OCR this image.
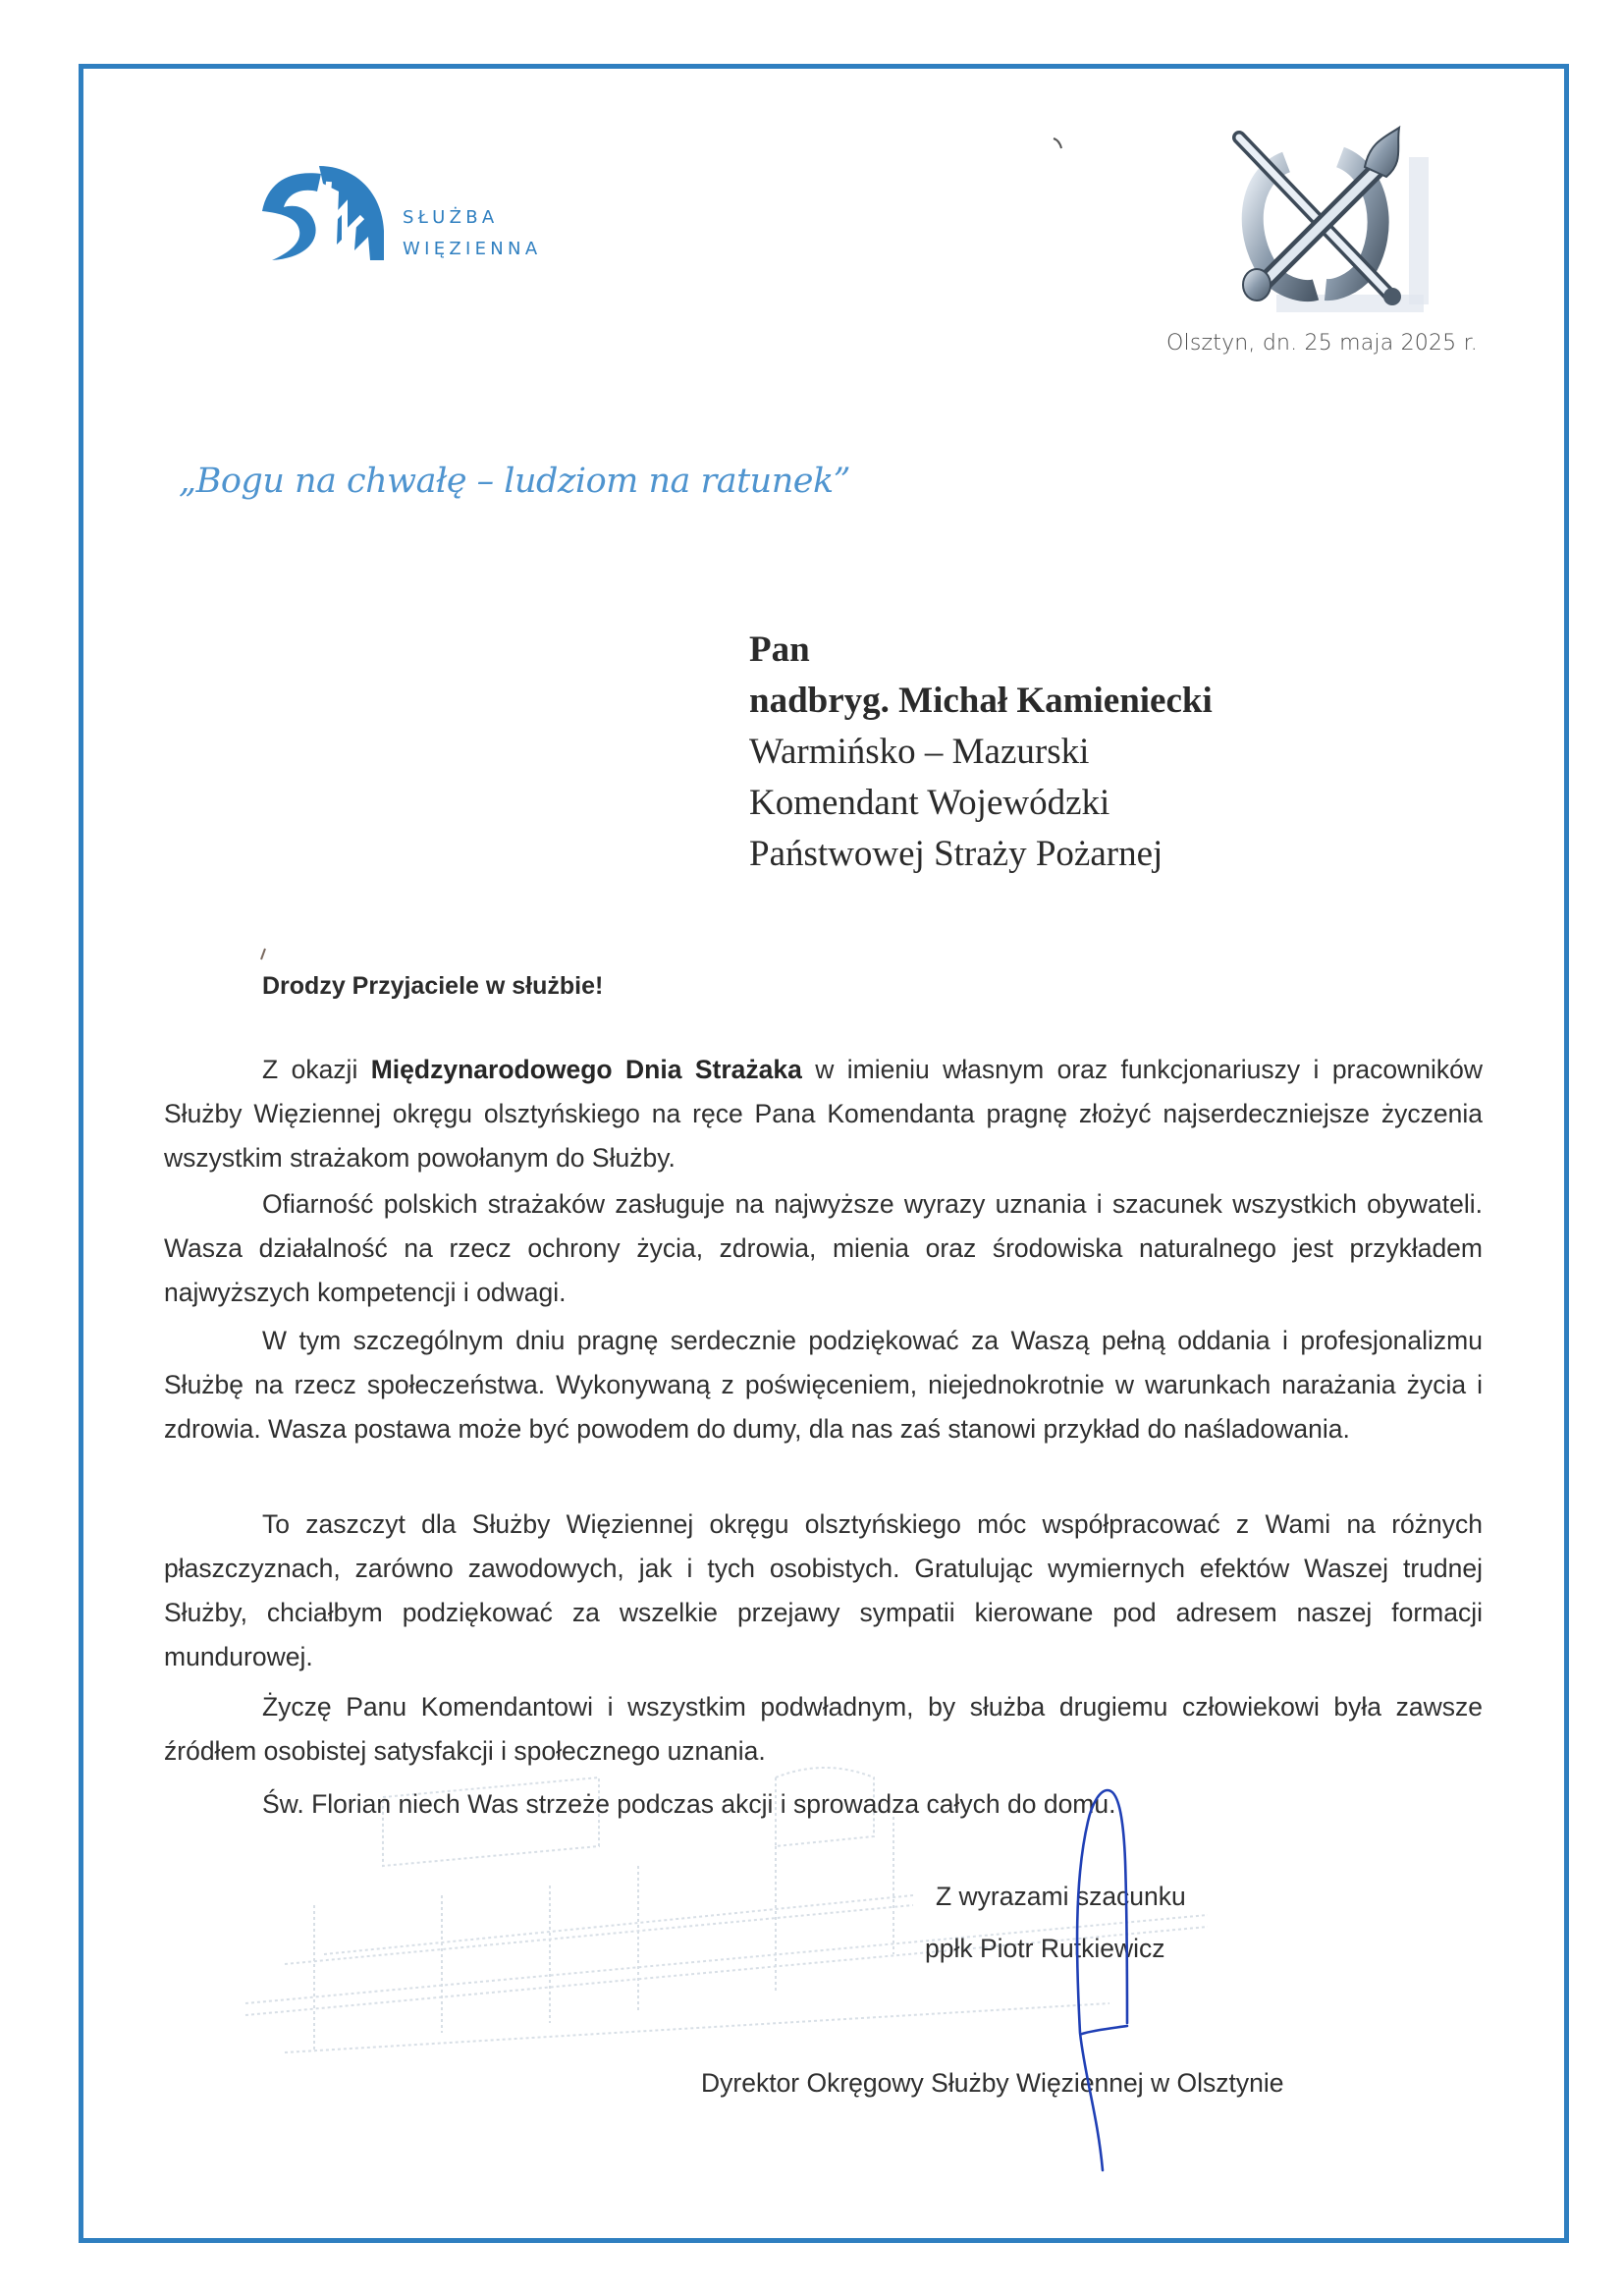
SŁUŻBA
WIĘZIENNA
Olsztyn, dn. 25 maja 2025 r.
„Bogu na chwałę – ludziom na ratunek”
Pan
nadbryg. Michał Kamieniecki
Warmińsko – Mazurski
Komendant Wojewódzki
Państwowej Straży Pożarnej
Drodzy Przyjaciele w służbie!

Z okazji Międzynarodowego Dnia Strażaka w imieniu własnym oraz funkcjonariuszy i pracowników Służby Więziennej okręgu olsztyńskiego na ręce Pana Komendanta pragnę złożyć najserdeczniejsze życzenia wszystkim strażakom powołanym do Służby.

Ofiarność polskich strażaków zasługuje na najwyższe wyrazy uznania i szacunek wszystkich obywateli. Wasza działalność na rzecz ochrony życia, zdrowia, mienia oraz środowiska naturalnego jest przykładem najwyższych kompetencji i odwagi.

W tym szczególnym dniu pragnę serdecznie podziękować za Waszą pełną oddania i profesjonalizmu Służbę na rzecz społeczeństwa. Wykonywaną z poświęceniem, niejednokrotnie w warunkach narażania życia i zdrowia. Wasza postawa może być powodem do dumy, dla nas zaś stanowi przykład do naśladowania.

To zaszczyt dla Służby Więziennej okręgu olsztyńskiego móc współpracować z Wami na różnych płaszczyznach, zarówno zawodowych, jak i tych osobistych. Gratulując wymiernych efektów Waszej trudnej Służby, chciałbym podziękować za wszelkie przejawy sympatii kierowane pod adresem naszej formacji mundurowej.

Życzę Panu Komendantowi i wszystkim podwładnym, by służba drugiemu człowiekowi była zawsze źródłem osobistej satysfakcji i społecznego uznania.

Św. Florian niech Was strzeże podczas akcji i sprowadza całych do domu.

Z wyrazami szacunku
ppłk Piotr Rutkiewicz
Dyrektor Okręgowy Służby Więziennej w Olsztynie
